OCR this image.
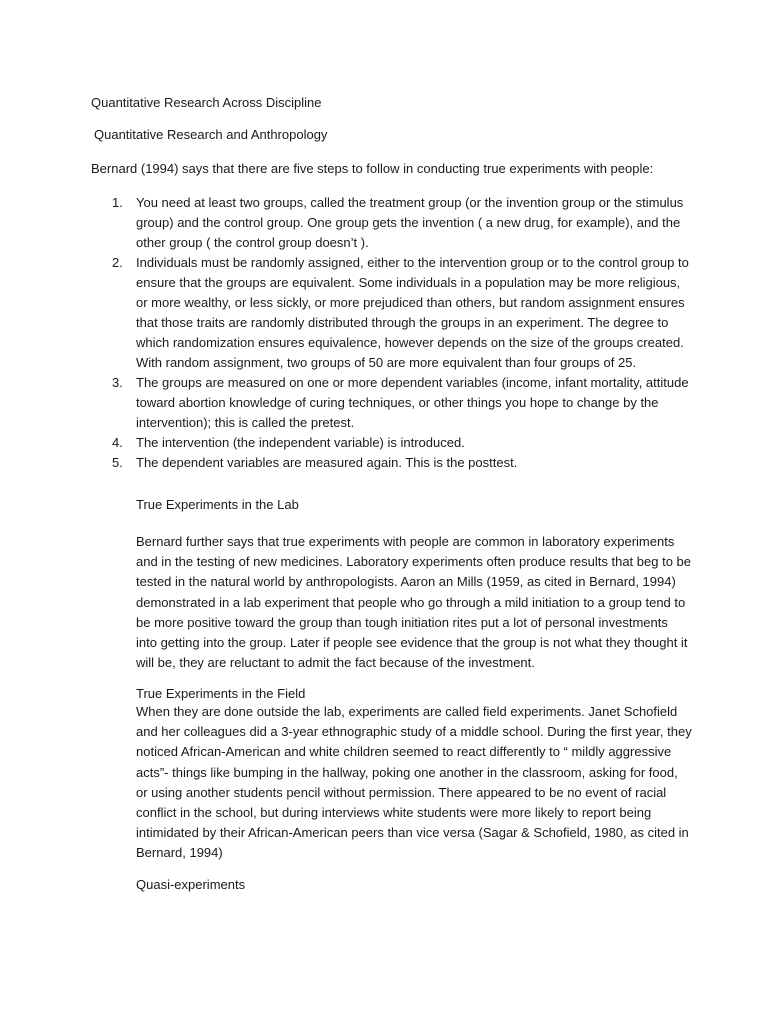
Quantitative Research Across Discipline

Quantitative Research and Anthropology

Bernard (1994) says that there are five steps to follow in conducting true experiments with people:

1. You need at least two groups, called the treatment group (or the invention group or the stimulus group) and the control group. One group gets the invention ( a new drug, for example), and the other group ( the control group doesn’t ).
2. Individuals must be randomly assigned, either to the intervention group or to the control group to ensure that the groups are equivalent. Some individuals in a population may be more religious, or more wealthy, or less sickly, or more prejudiced than others, but random assignment ensures that those traits are randomly distributed through the groups in an experiment. The degree to which randomization ensures equivalence, however depends on the size of the groups created. With random assignment, two groups of 50 are more equivalent than four groups of 25.
3. The groups are measured on one or more dependent variables (income, infant mortality, attitude toward abortion knowledge of curing techniques, or other things you hope to change by the intervention); this is called the pretest.
4. The intervention (the independent variable) is introduced.
5. The dependent variables are measured again. This is the posttest.
True Experiments in the Lab

Bernard further says that true experiments with people are common in laboratory experiments and in the testing of new medicines. Laboratory experiments often produce results that beg to be tested in the natural world by anthropologists. Aaron an Mills (1959, as cited in Bernard, 1994) demonstrated in a lab experiment that people who go through a mild initiation to a group tend to be more positive toward the group than tough initiation rites put a lot of personal investments into getting into the group. Later if people see evidence that the group is not what they thought it will be, they are reluctant to admit the fact because of the investment.

True Experiments in the Field

When they are done outside the lab, experiments are called field experiments. Janet Schofield and her colleagues did a 3-year ethnographic study of a middle school. During the first year, they noticed African-American and white children seemed to react differently to “ mildly aggressive acts”- things like bumping in the hallway, poking one another in the classroom, asking for food, or using another students pencil without permission. There appeared to be no event of racial conflict in the school, but during interviews white students were more likely to report being intimidated by their African-American peers than vice versa (Sagar & Schofield, 1980, as cited in Bernard, 1994)

Quasi-experiments
